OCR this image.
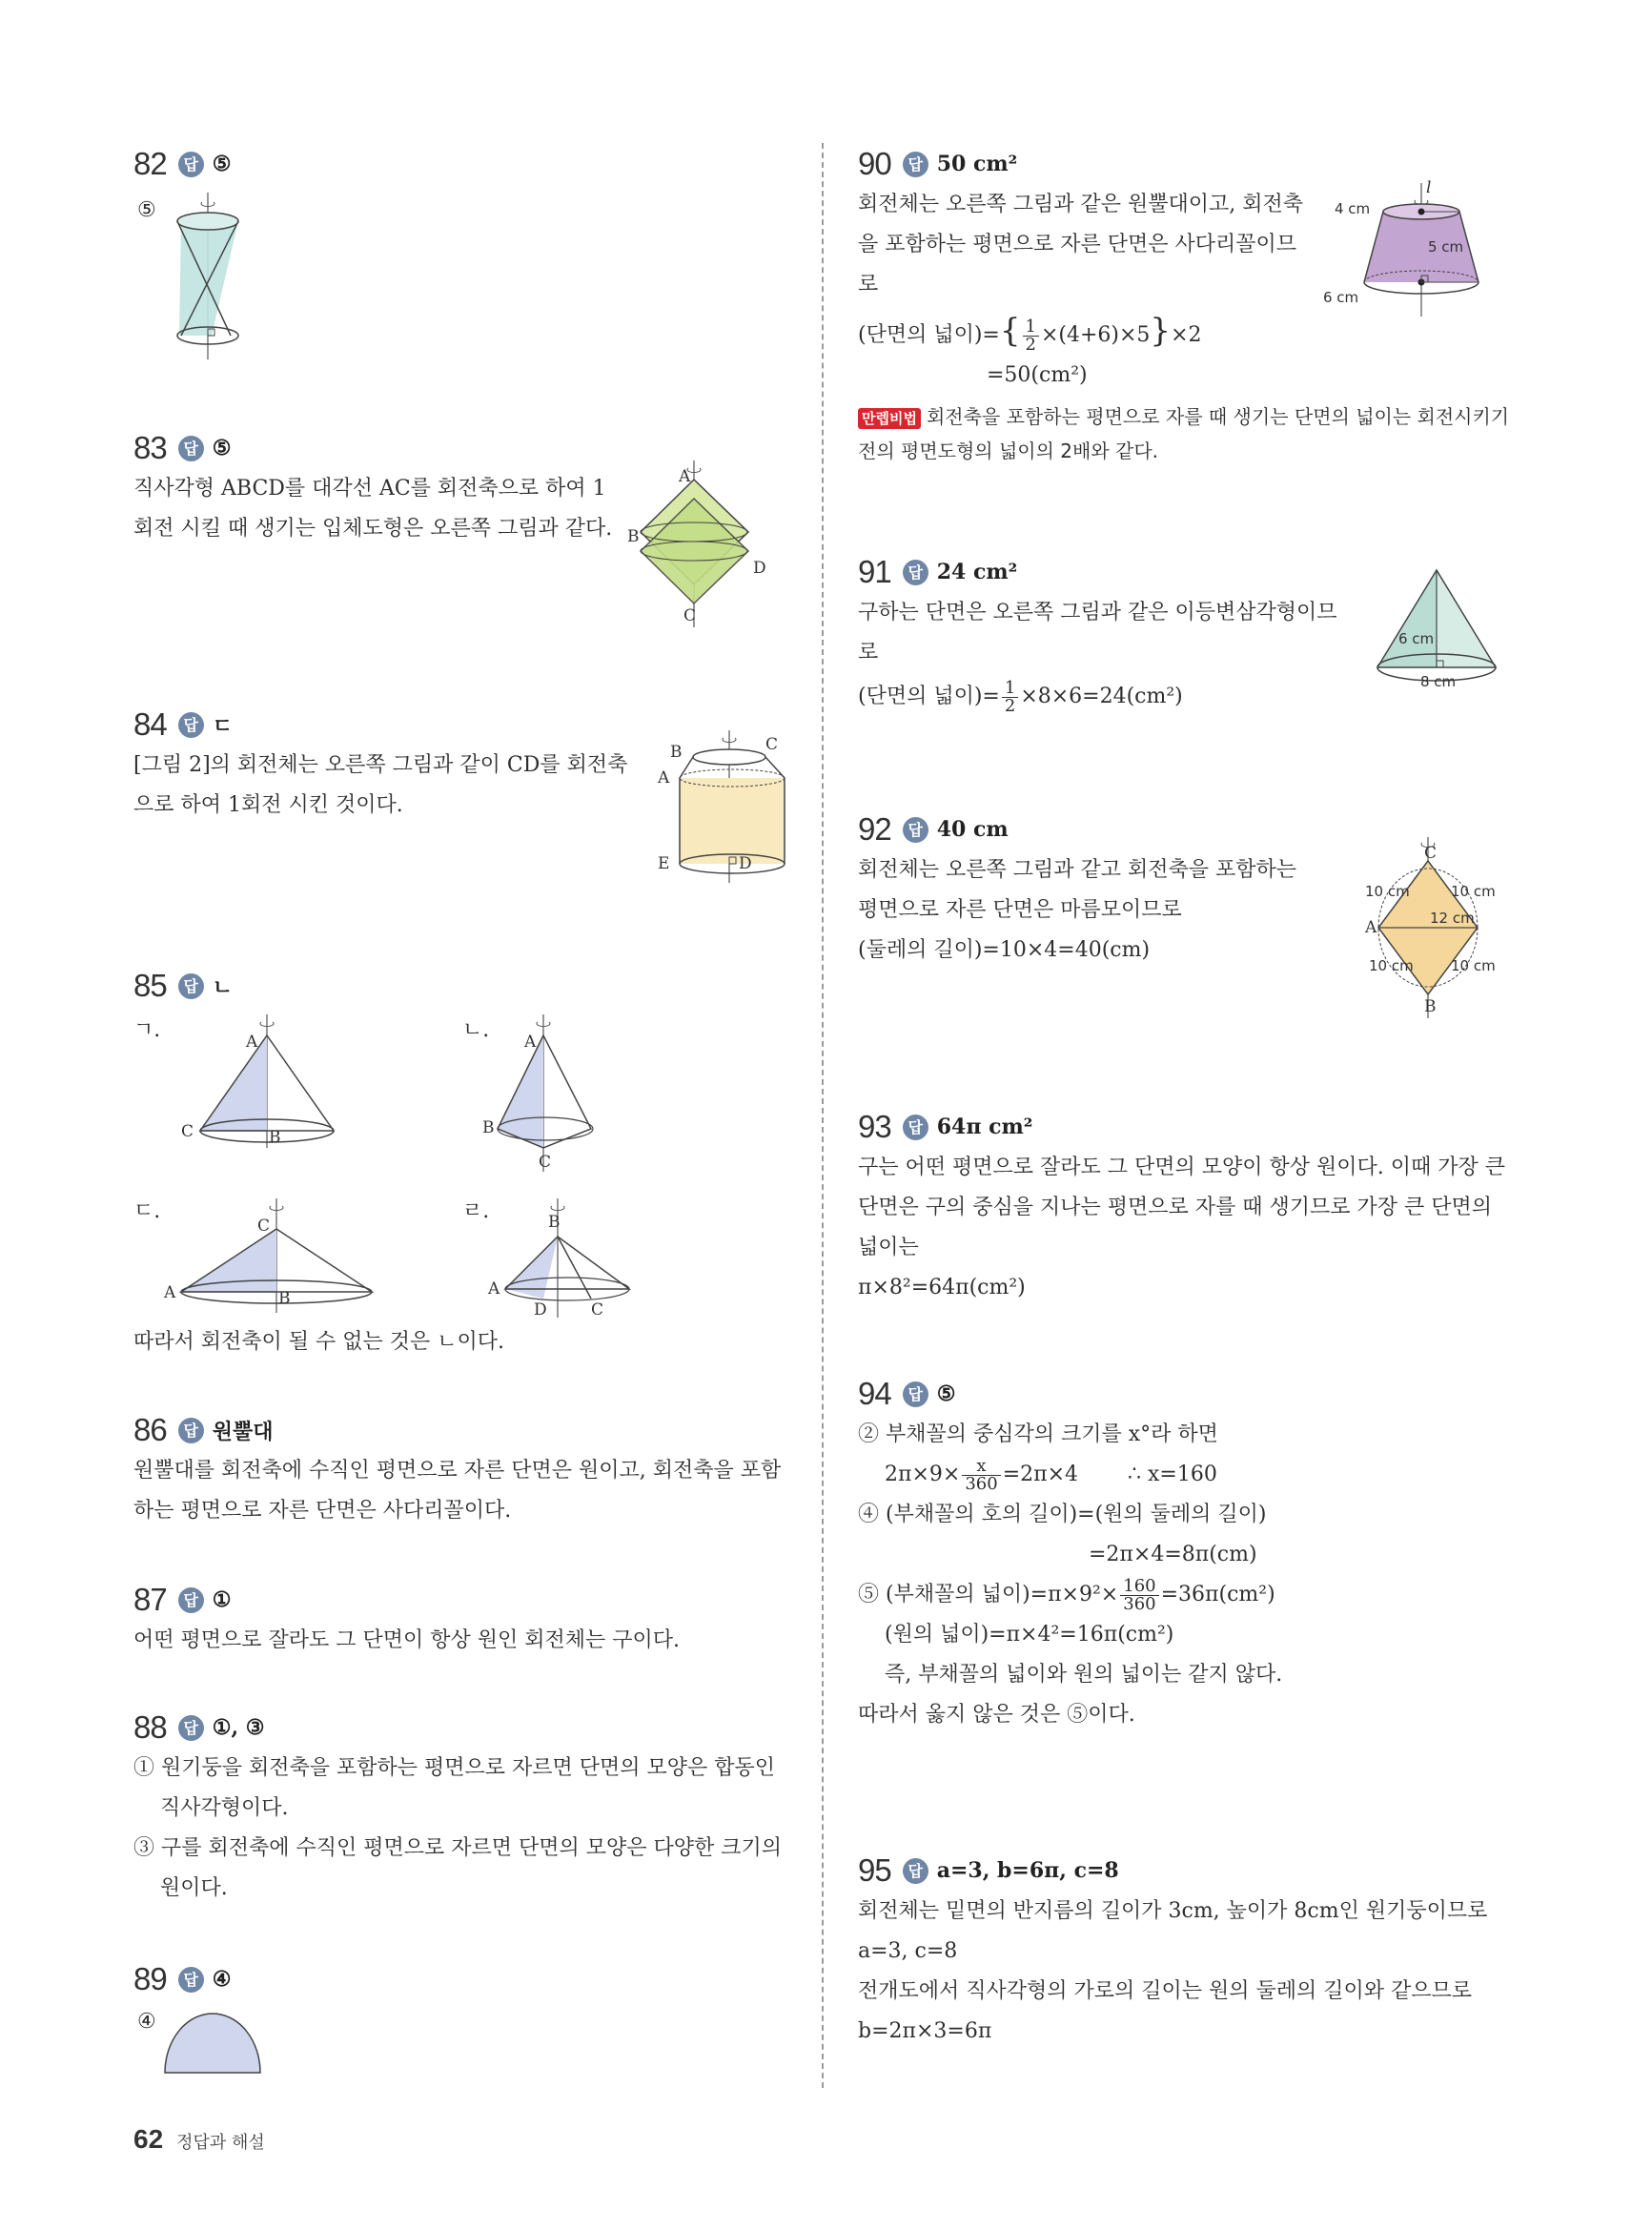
82	답 ⑤
⑤
83	답 ⑤
직사각형 ABCD를 대각선 AC를 회전축으로 하여 1회전 시킬 때 생기는 입체도형은 오른쪽 그림과 같다.
A
B
C
D
84	답 ㄷ
[그림 2]의 회전체는 오른쪽 그림과 같이 CD를 회전축으로 하여 1회전 시킨 것이다.
B	C
A
E	D
85	답 ㄴ
ㄱ.	A
C	B
ㄴ. A
B
C
ㄷ.
C
A	B
ㄹ.	B
A
D	C
따라서 회전축이 될 수 없는 것은 ㄴ이다.
86	답 원뿔대
원뿔대를 회전축에 수직인 평면으로 자른 단면은 원이고, 회전축을 포함하는 평면으로 자른 단면은 사다리꼴이다.
87	답 ①
어떤 평면으로 잘라도 그 단면이 항상 원인 회전체는 구이다.
88	답 ①, ③
① 원기둥을 회전축을 포함하는 평면으로 자르면 단면의 모양은 합동인 직사각형이다.
③ 구를 회전축에 수직인 평면으로 자르면 단면의 모양은 다양한 크기의 원이다.
89	답 ④
④
90	답 50 cm²
회전체는 오른쪽 그림과 같은 원뿔대이고, 회전축을 포함하는 평면으로 자른 단면은 사다리꼴이므로
(단면의 넓이)={ $\frac{1}{2} \times(4+6)\times 5\}\times 2$
=50(cm²)
만렙비법 회전축을 포함하는 평면으로 자를 때 생기는 단면의 넓이는 회전시키기 전의 평면도형의 넓이의 2배와 같다.
l
4 cm
5 cm
6 cm
91	답 24 cm²
구하는 단면은 오른쪽 그림과 같은 이등변삼각형이므로
(단면의 넓이)= $\frac{1}{2} \times 8\times 6=24(cm^2)$
6 cm
8 cm
92	답 40 cm
회전체는 오른쪽 그림과 같고 회전축을 포함하는 평면으로 자른 단면은 마름모이므로
(둘레의 길이)=10×4=40(cm)
C
10 cm	10 cm
A	12 cm
10 cm	10 cm
B
93	답 64π cm²
구는 어떤 평면으로 잘라도 그 단면의 모양이 항상 원이다. 이때 가장 큰 단면은 구의 중심을 지나는 평면으로 자를 때 생기므로 가장 큰 단면의 넓이는
π×8²=64π(cm²)
94	답 ⑤
② 부채꼴의 중심각의 크기를 x°라 하면
$2\pi\times 9\times \frac{x}{360} =2\pi\times 4$ ∴ x=160
④ (부채꼴의 호의 길이)=(원의 둘레의 길이)
=2π×4=8π(cm)
⑤ (부채꼴의 넓이)$=\pi\times 9^2\times \frac{160}{360} =36\pi(cm^2)$
(원의 넓이)=π×4²=16π(cm²)
즉, 부채꼴의 넓이와 원의 넓이는 같지 않다.
따라서 옳지 않은 것은 ⑤이다.
95	답 a=3, b=6π, c=8
회전체는 밑면의 반지름의 길이가 3cm, 높이가 8cm인 원기둥이므로
a=3, c=8
전개도에서 직사각형의 가로의 길이는 원의 둘레의 길이와 같으므로
b=2π×3=6π
62 정답과 해설
